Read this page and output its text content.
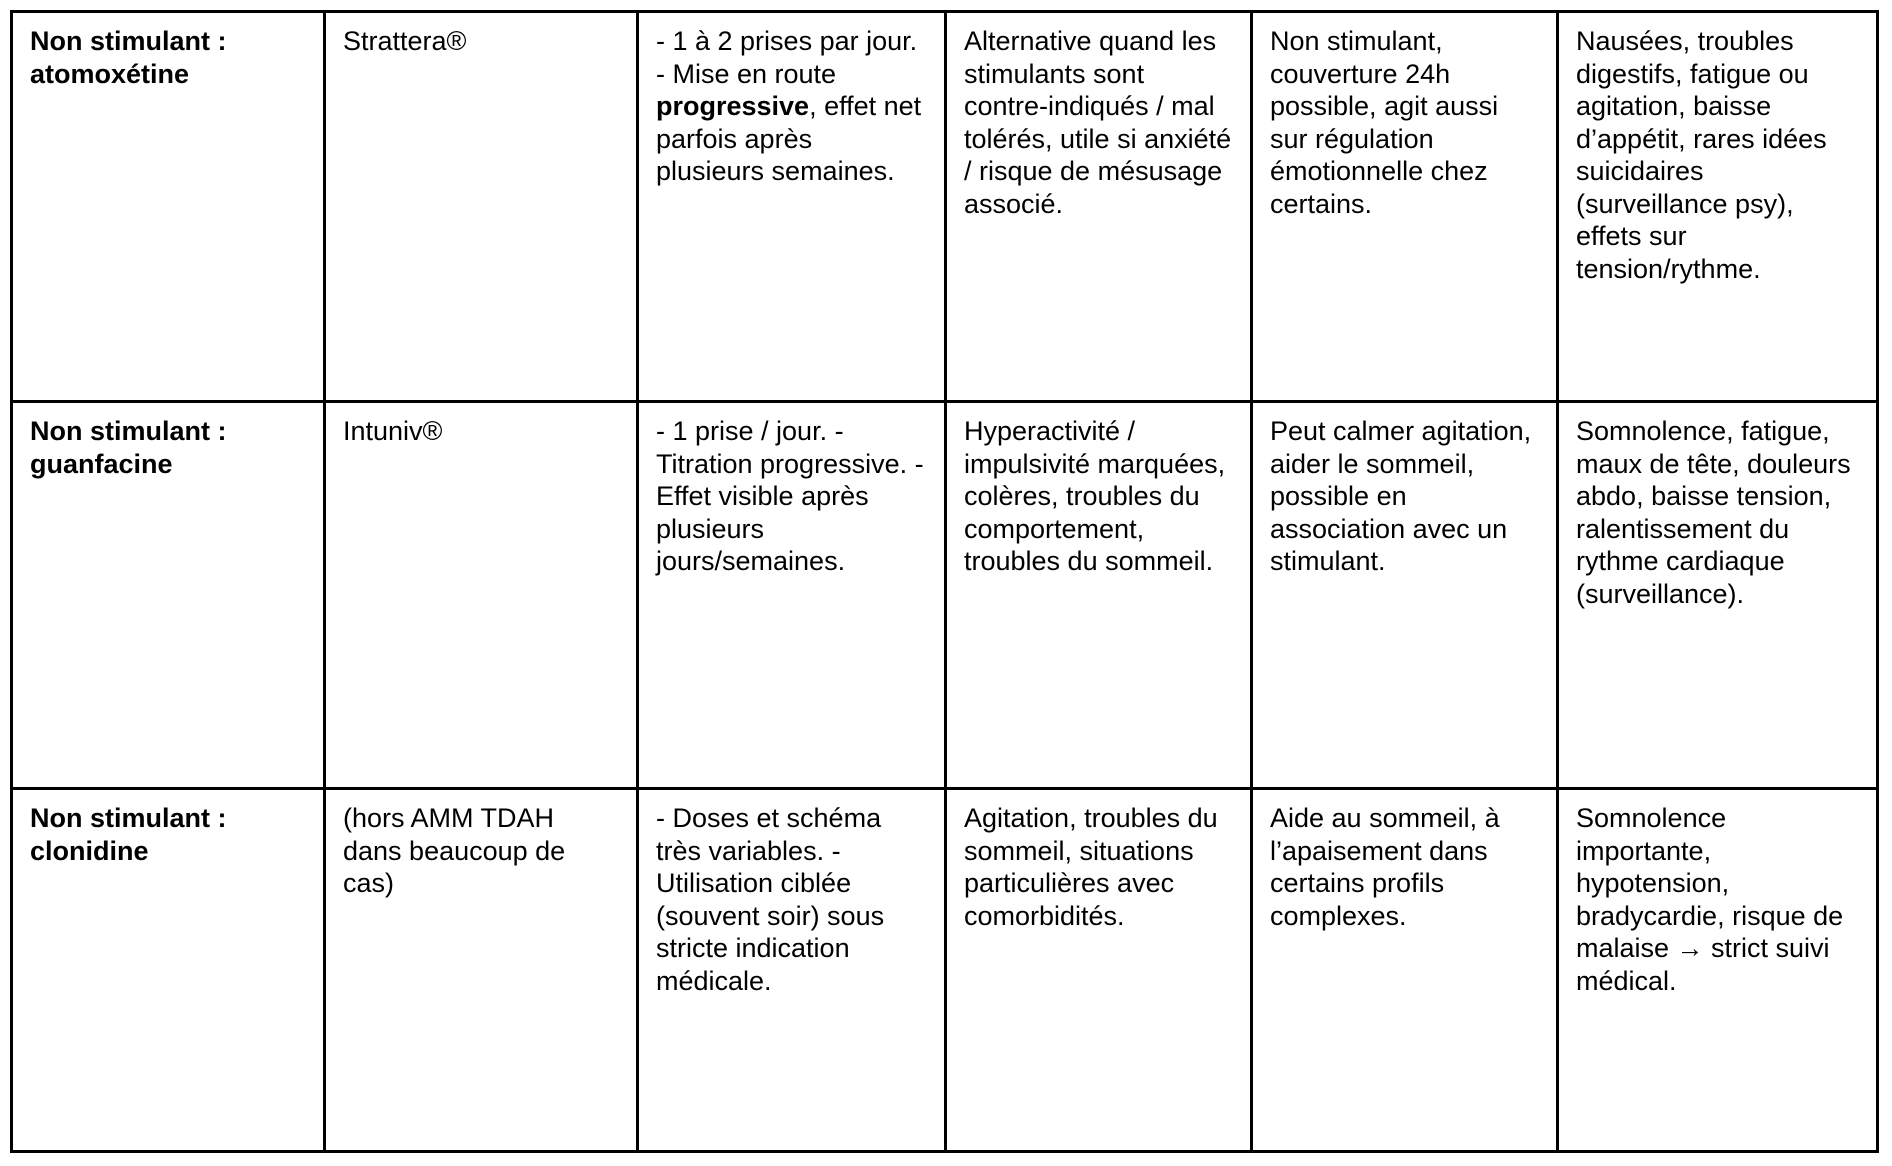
Non stimulant : atomoxétine	Strattera®	- 1 à 2 prises par jour. - Mise en route progressive, effet net parfois après plusieurs semaines.	Alternative quand les stimulants sont contre-indiqués / mal tolérés, utile si anxiété / risque de mésusage associé.	Non stimulant, couverture 24h possible, agit aussi sur régulation émotionnelle chez certains.	Nausées, troubles digestifs, fatigue ou agitation, baisse d’appétit, rares idées suicidaires (surveillance psy), effets sur tension/rythme.
Non stimulant : guanfacine	Intuniv®	- 1 prise / jour. - Titration progressive. - Effet visible après plusieurs jours/semaines.	Hyperactivité / impulsivité marquées, colères, troubles du comportement, troubles du sommeil.	Peut calmer agitation, aider le sommeil, possible en association avec un stimulant.	Somnolence, fatigue, maux de tête, douleurs abdo, baisse tension, ralentissement du rythme cardiaque (surveillance).
Non stimulant : clonidine	(hors AMM TDAH dans beaucoup de cas)	- Doses et schéma très variables. - Utilisation ciblée (souvent soir) sous stricte indication médicale.	Agitation, troubles du sommeil, situations particulières avec comorbidités.	Aide au sommeil, à l’apaisement dans certains profils complexes.	Somnolence importante, hypotension, bradycardie, risque de malaise → strict suivi médical.
